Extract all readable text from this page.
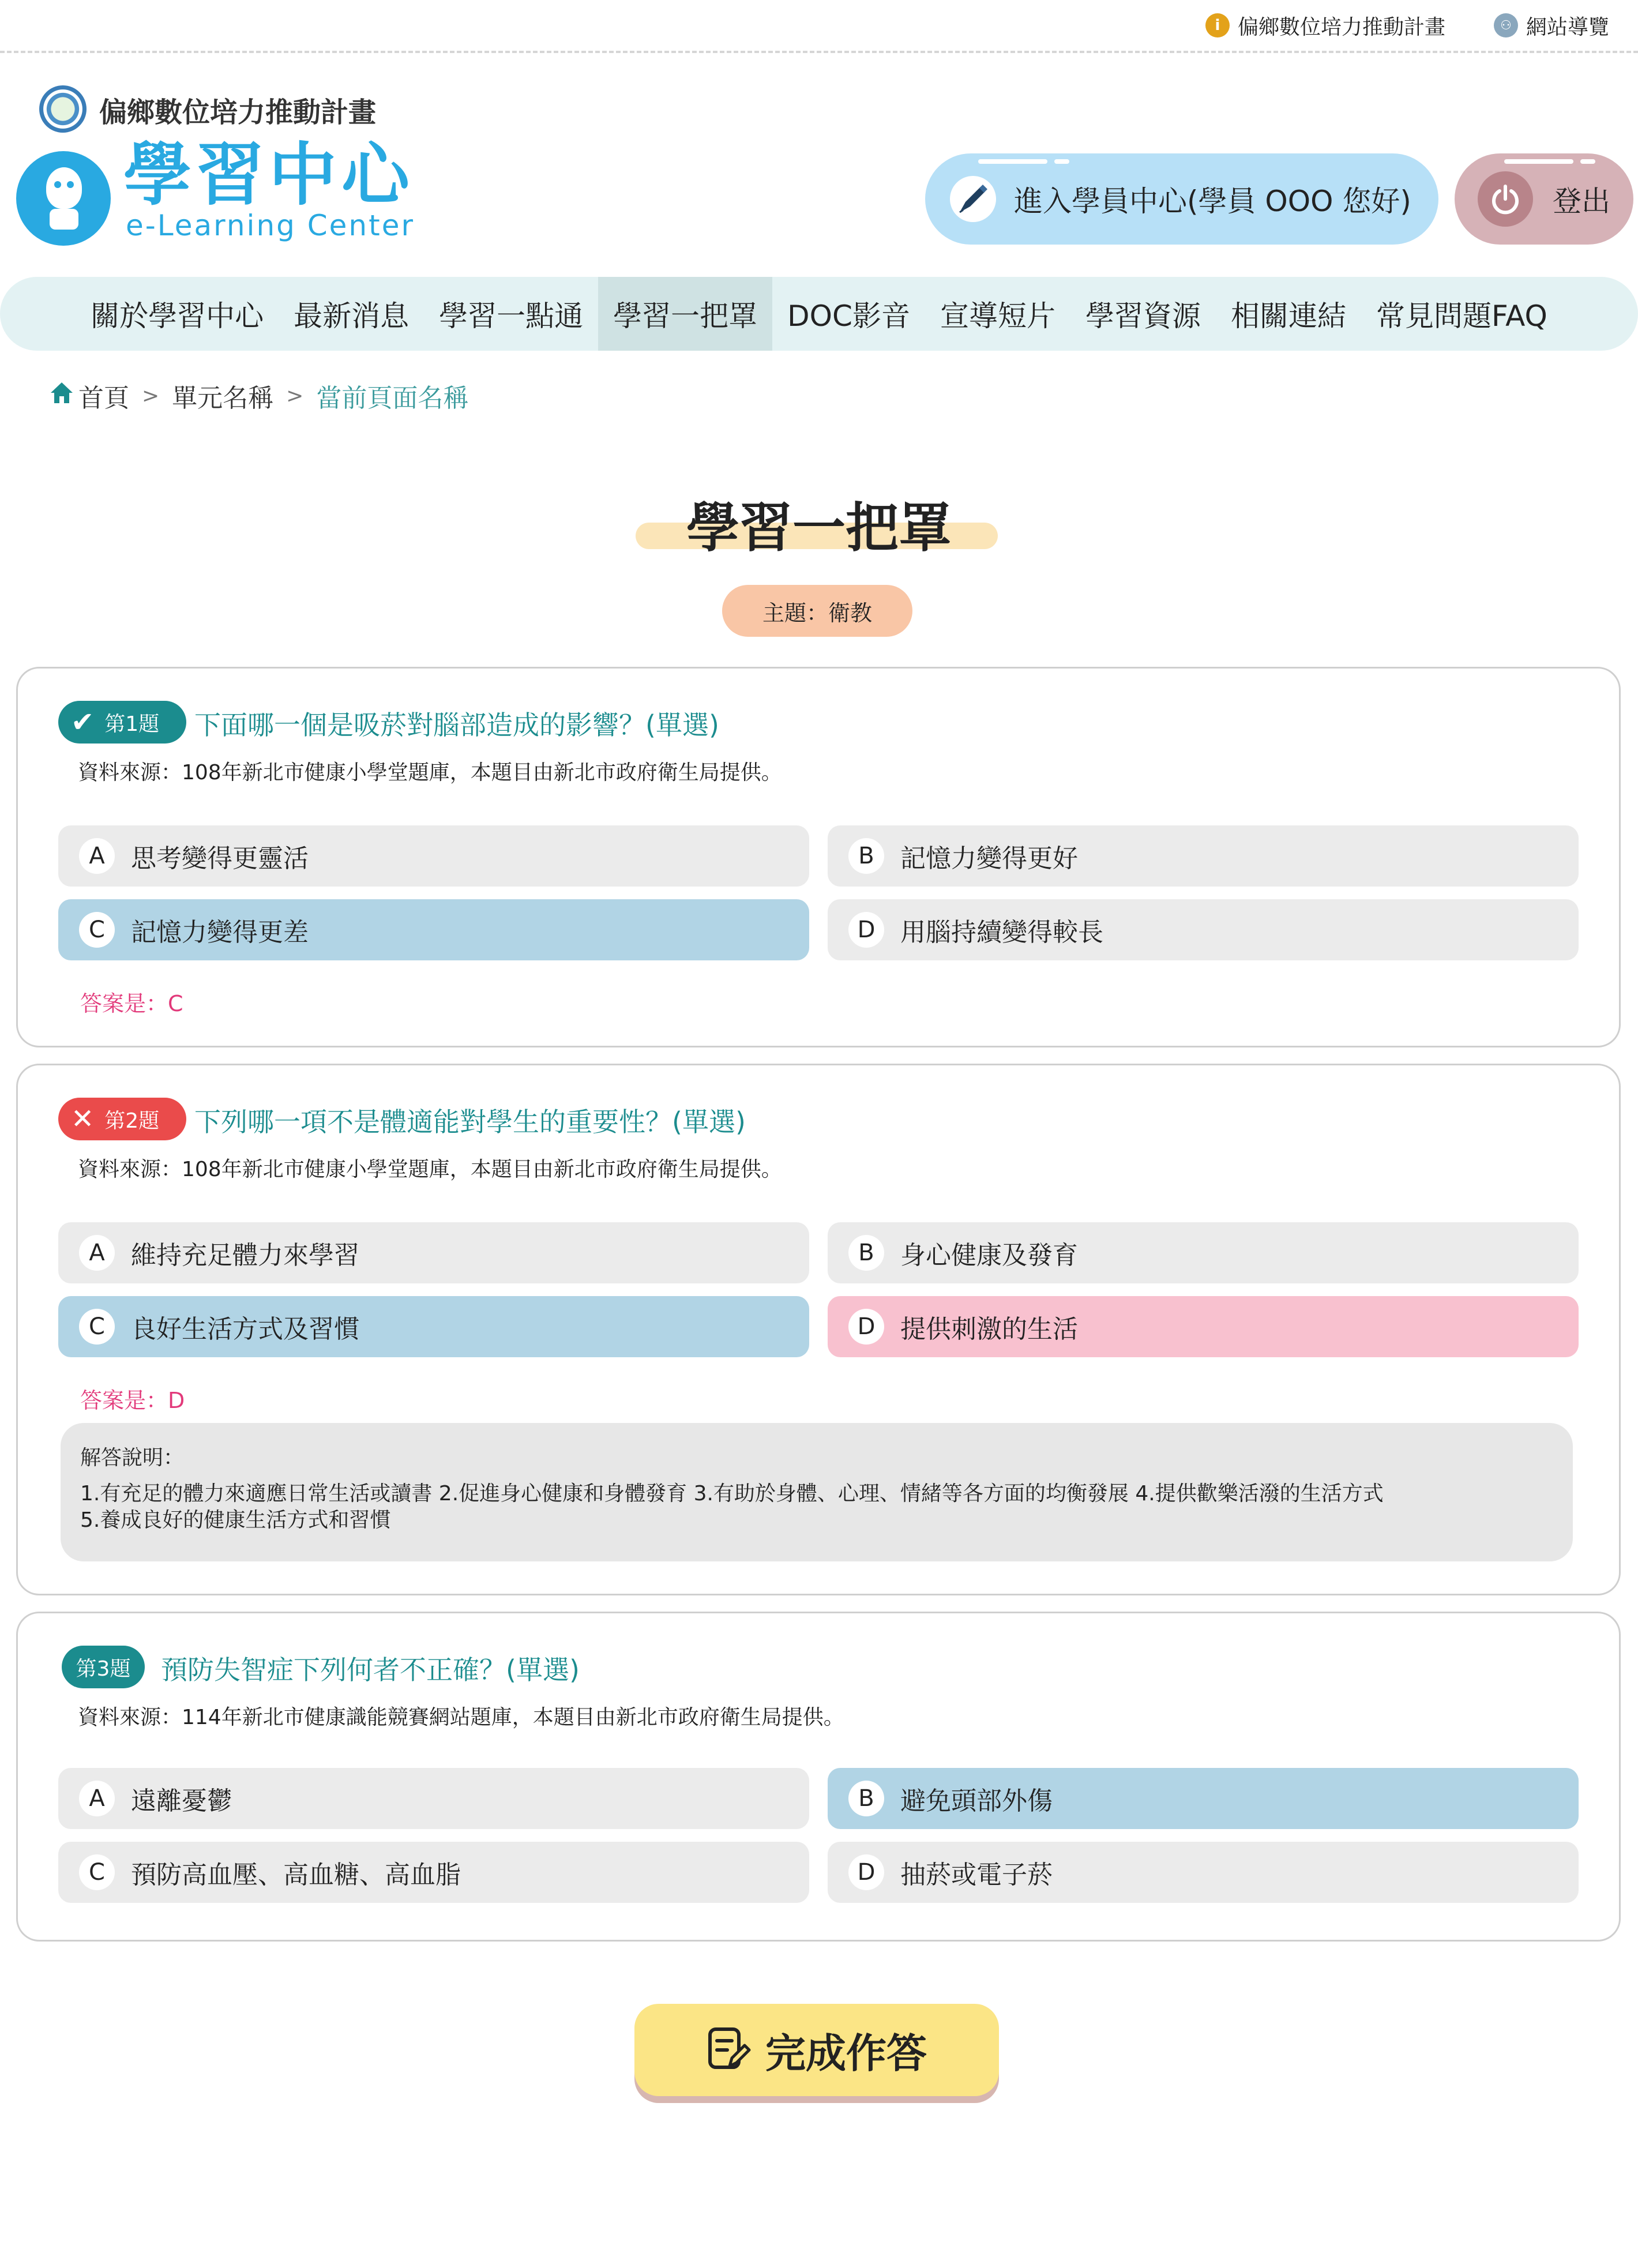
i 偏鄉數位培力推動計畫	⚇ 網站導覽
偏鄉數位培力推動計畫
學習中心
e-Learning Center
進入學員中心(學員 OOO 您好)	登出
關於學習中心	最新消息	學習一點通	學習一把罩	DOC影音	宣導短片	學習資源	相關連結	常見問題FAQ
首頁 > 單元名稱 > 當前頁面名稱
學習一把罩
主題：衛教
✔ 第1題 下面哪一個是吸菸對腦部造成的影響？(單選)
資料來源：108年新北市健康小學堂題庫，本題目由新北市政府衛生局提供。
A	思考變得更靈活	B	記憶力變得更好
C	記憶力變得更差	D 用腦持續變得較長
答案是：C
✕ 第2題 下列哪一項不是體適能對學生的重要性？(單選)
資料來源：108年新北市健康小學堂題庫，本題目由新北市政府衛生局提供。
A	維持充足體力來學習	B	身心健康及發育
C	良好生活方式及習慣	D 提供刺激的生活
答案是：D
解答說明：
1.有充足的體力來適應日常生活或讀書 2.促進身心健康和身體發育 3.有助於身體、心理、情緒等各方面的均衡發展 4.提供歡樂活潑的生活方式
5.養成良好的健康生活方式和習慣
第3題 預防失智症下列何者不正確？(單選)
資料來源：114年新北市健康識能競賽網站題庫，本題目由新北市政府衛生局提供。
A	遠離憂鬱	B	避免頭部外傷
C	預防高血壓、高血糖、高血脂	D 抽菸或電子菸
完成作答
